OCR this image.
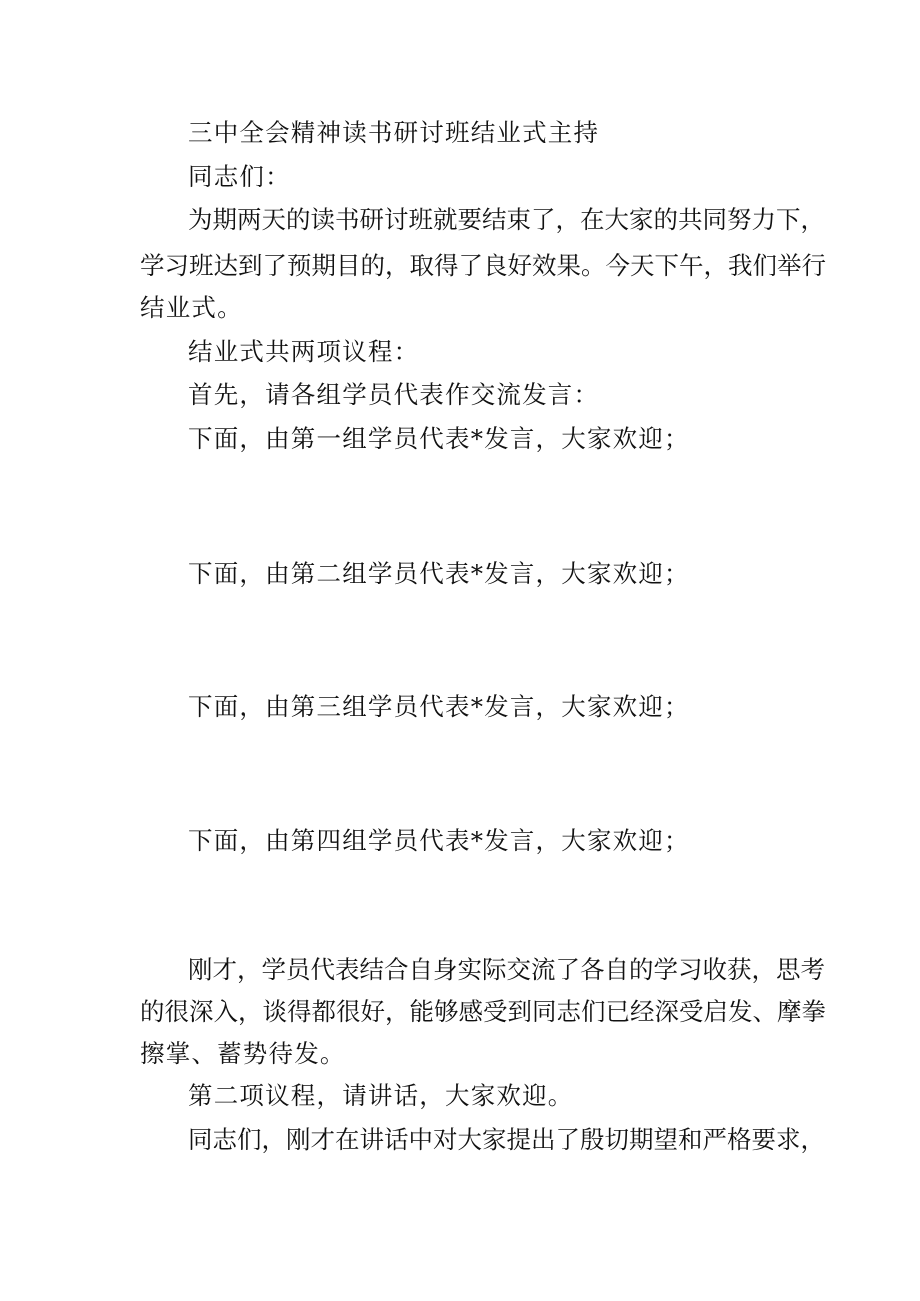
三中全会精神读书研讨班结业式主持
同志们：
为期两天的读书研讨班就要结束了，在大家的共同努力下，
学习班达到了预期目的，取得了良好效果。今天下午，我们举行
结业式。
结业式共两项议程：
首先，请各组学员代表作交流发言：
下面，由第一组学员代表*发言，大家欢迎；
下面，由第二组学员代表*发言，大家欢迎；
下面，由第三组学员代表*发言，大家欢迎；
下面，由第四组学员代表*发言，大家欢迎；
刚才，学员代表结合自身实际交流了各自的学习收获，思考
的很深入，谈得都很好，能够感受到同志们已经深受启发、摩拳
擦掌、蓄势待发。
第二项议程，请讲话，大家欢迎。
同志们，刚才在讲话中对大家提出了殷切期望和严格要求，
